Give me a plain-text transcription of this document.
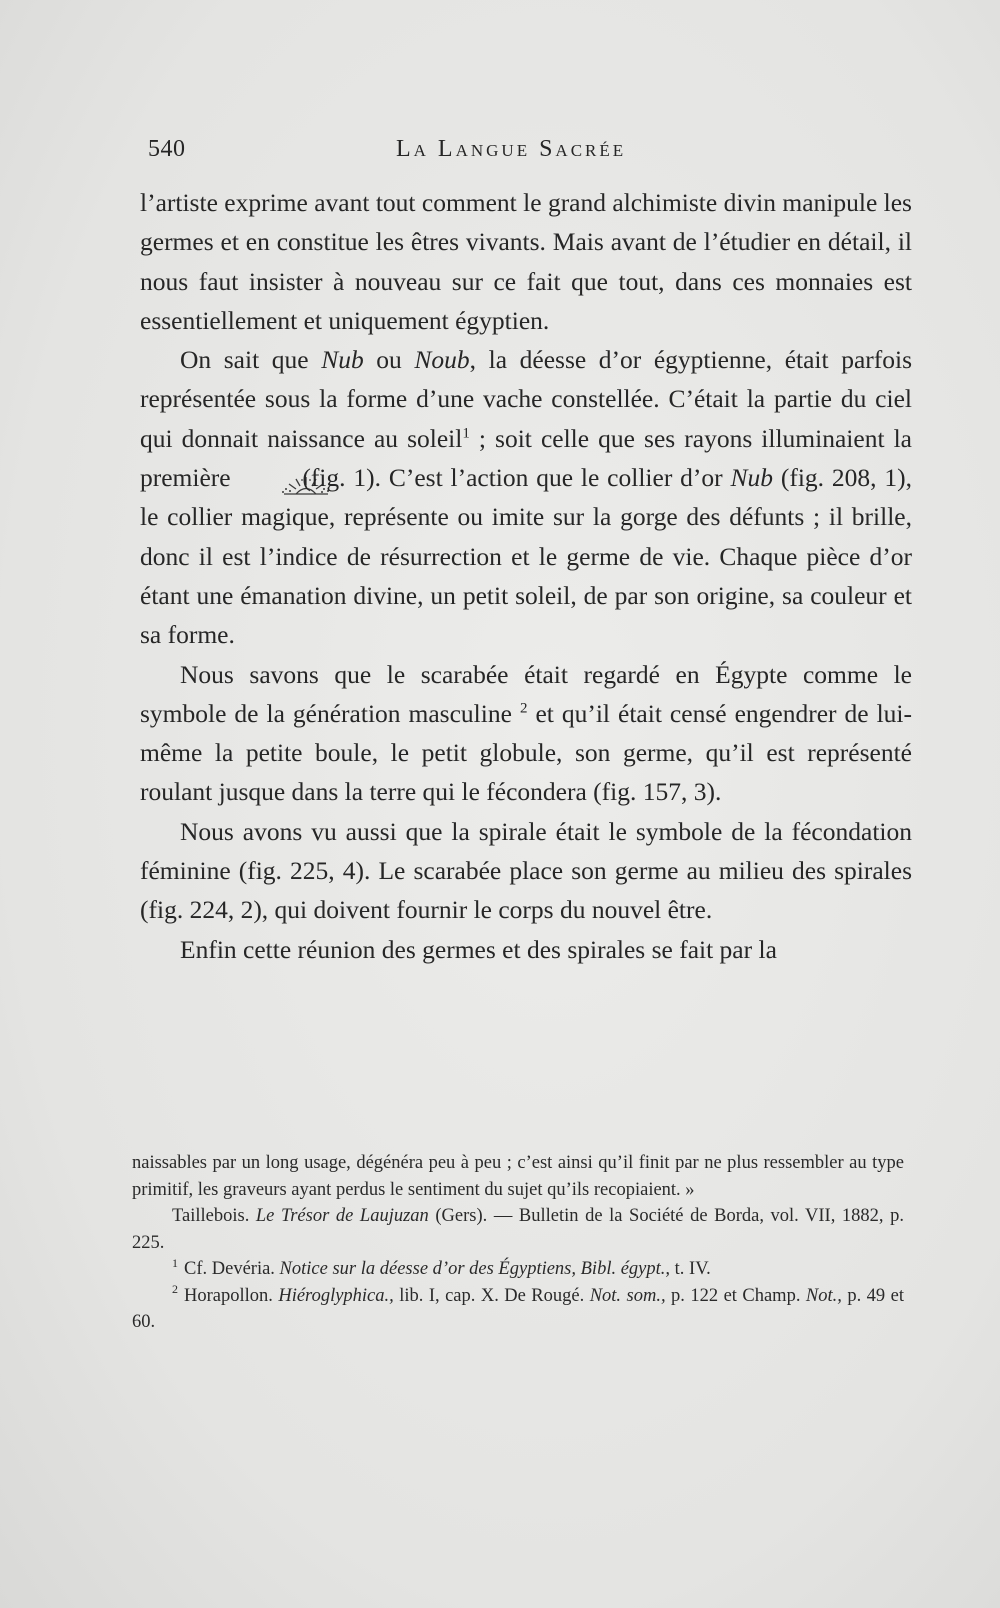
540	La Langue Sacrée

l’artiste exprime avant tout comment le grand alchimiste divin manipule les germes et en constitue les êtres vivants. Mais avant de l’étudier en détail, il nous faut insister à nouveau sur ce fait que tout, dans ces monnaies est essentiellement et uniquement égyptien.

On sait que Nub ou Noub, la déesse d’or égyptienne, était parfois représentée sous la forme d’une vache constellée. C’était la partie du ciel qui donnait naissance au soleil$^1$ ; soit celle que ses rayons illuminaient la première  (fig. 1). C’est l’action que le collier d’or Nub (fig. 208, 1), le collier magique, représente ou imite sur la gorge des défunts ; il brille, donc il est l’indice de résurrection et le germe de vie. Chaque pièce d’or étant une émanation divine, un petit soleil, de par son origine, sa couleur et sa forme.

Nous savons que le scarabée était regardé en Égypte comme le symbole de la génération masculine $^2$ et qu’il était censé engendrer de lui-même la petite boule, le petit globule, son germe, qu’il est représenté roulant jusque dans la terre qui le fécondera (fig. 157, 3).

Nous avons vu aussi que la spirale était le symbole de la fécondation féminine (fig. 225, 4). Le scarabée place son germe au milieu des spirales (fig. 224, 2), qui doivent fournir le corps du nouvel être.

Enfin cette réunion des germes et des spirales se fait par la

naissables par un long usage, dégénéra peu à peu ; c’est ainsi qu’il finit par ne plus ressembler au type primitif, les graveurs ayant perdus le sentiment du sujet qu’ils recopiaient. »

Taillebois. Le Trésor de Laujuzan (Gers). — Bulletin de la Société de Borda, vol. VII, 1882, p. 225.

$^1$ Cf. Devéria. Notice sur la déesse d’or des Égyptiens, Bibl. égypt., t. IV.

$^2$ Horapollon. Hiéroglyphica., lib. I, cap. X. De Rougé. Not. som., p. 122 et Champ. Not., p. 49 et 60.
